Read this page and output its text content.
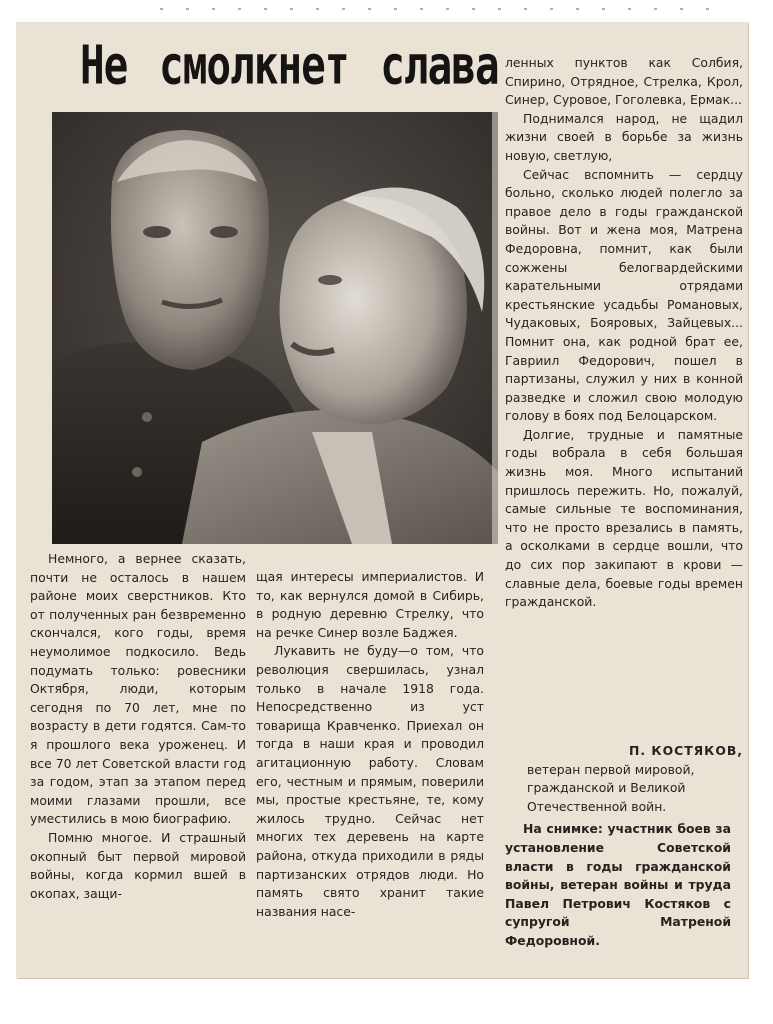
Не смолкнет слава

Немного, а вернее сказать, почти не осталось в нашем районе моих сверстников. Кто от полученных ран безвременно скончался, кого годы, время неумолимое подкосило. Ведь подумать только: ровесники Октября, люди, которым сегодня по 70 лет, мне по возрасту в дети годятся. Сам-то я прошлого века уроженец. И все 70 лет Советской власти год за годом, этап за этапом перед моими глазами прошли, все уместились в мою биографию.

Помню многое. И страшный окопный быт первой мировой войны, когда кормил вшей в окопах, защи-

щая интересы империалистов. И то, как вернулся домой в Сибирь, в родную деревню Стрелку, что на речке Синер возле Баджея.

Лукавить не буду—о том, что революция свершилась, узнал только в начале 1918 года. Непосредственно из уст товарища Кравченко. Приехал он тогда в наши края и проводил агитационную работу. Словам его, честным и прямым, поверили мы, простые крестьяне, те, кому жилось трудно. Сейчас нет многих тех деревень на карте района, откуда приходили в ряды партизанских отрядов люди. Но память свято хранит такие названия насе-

ленных пунктов как Солбия, Спирино, Отрядное, Стрелка, Крол, Синер, Суровое, Гоголевка, Ермак...

Поднимался народ, не щадил жизни своей в борьбе за жизнь новую, светлую,

Сейчас вспомнить — сердцу больно, сколько людей полегло за правое дело в годы гражданской войны. Вот и жена моя, Матрена Федоровна, помнит, как были сожжены белогвардейскими карательными отрядами крестьянские усадьбы Романовых, Чудаковых, Бояровых, Зайцевых... Помнит она, как родной брат ее, Гавриил Федорович, пошел в партизаны, служил у них в конной разведке и сложил свою молодую голову в боях под Белоцарском.

Долгие, трудные и памятные годы вобрала в себя большая жизнь моя. Много испытаний пришлось пережить. Но, пожалуй, самые сильные те воспоминания, что не просто врезались в память, а осколками в сердце вошли, что до сих пор закипают в крови — славные дела, боевые годы времен гражданской.

П. КОСТЯКОВ,
ветеран первой мировой, гражданской и Великой Отечественной войн.

На снимке: участник боев за установление Советской власти в годы гражданской войны, ветеран войны и труда Павел Петрович Костяков с супругой Матреной Федоровной.
